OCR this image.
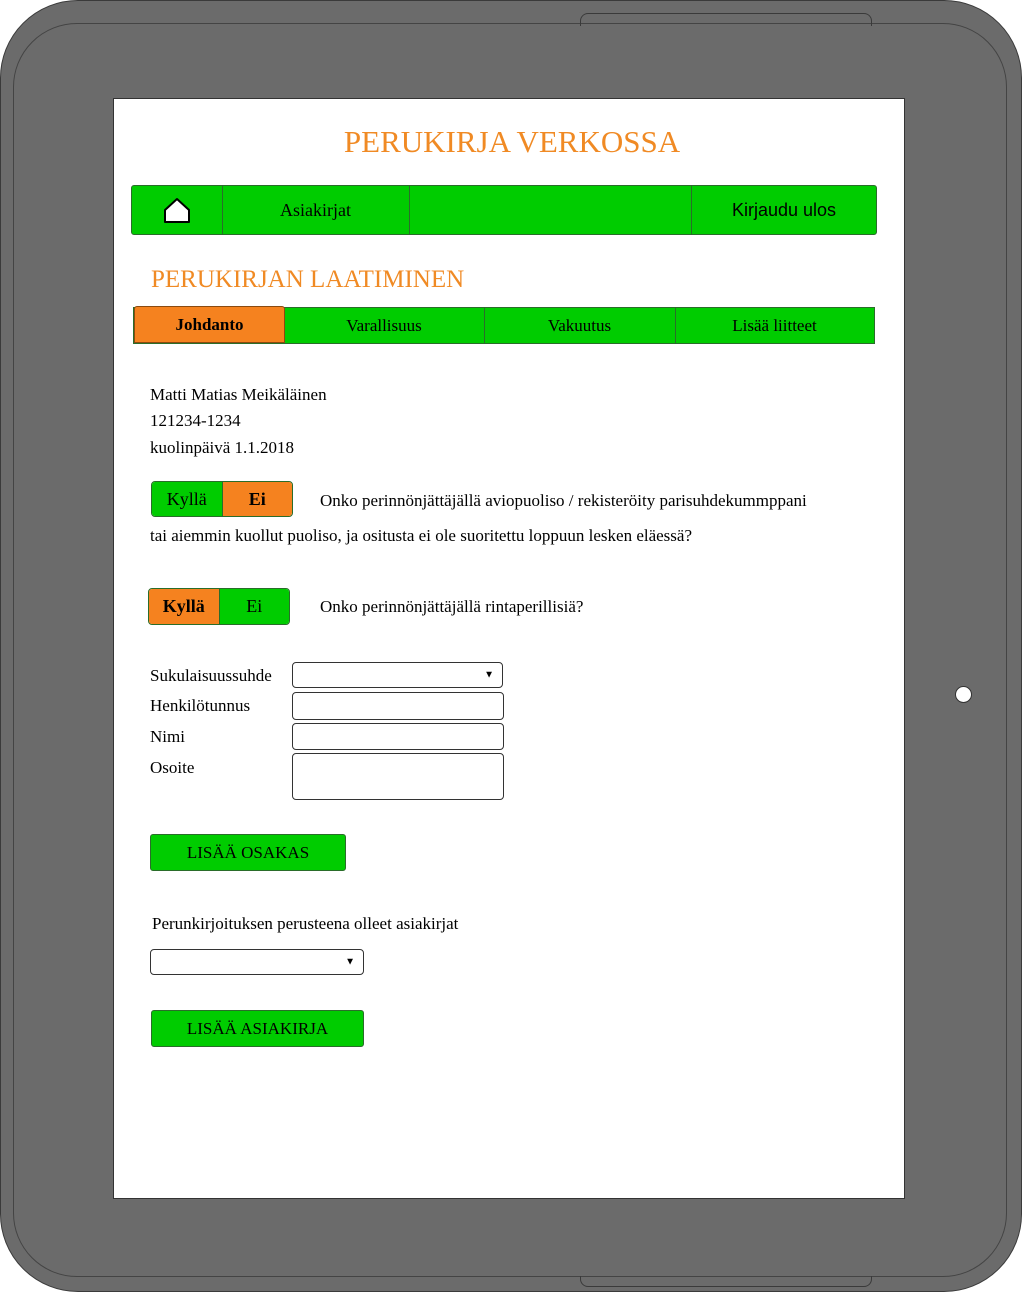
PERUKIRJA VERKOSSA
Asiakirjat	Kirjaudu ulos
PERUKIRJAN LAATIMINEN
Johdanto	Varallisuus	Vakuutus	Lisää liitteet
Matti Matias Meikäläinen
121234-1234
kuolinpäivä 1.1.2018
Kyllä	Ei	Onko perinnönjättäjällä aviopuoliso / rekisteröity parisuhdekummppani
tai aiemmin kuollut puoliso, ja ositusta ei ole suoritettu loppuun lesken eläessä?
Kyllä	Ei	Onko perinnönjättäjällä rintaperillisiä?
Sukulaisuussuhde	▼
Henkilötunnus
Nimi
Osoite
LISÄÄ OSAKAS
Perunkirjoituksen perusteena olleet asiakirjat
▼
LISÄÄ ASIAKIRJA
